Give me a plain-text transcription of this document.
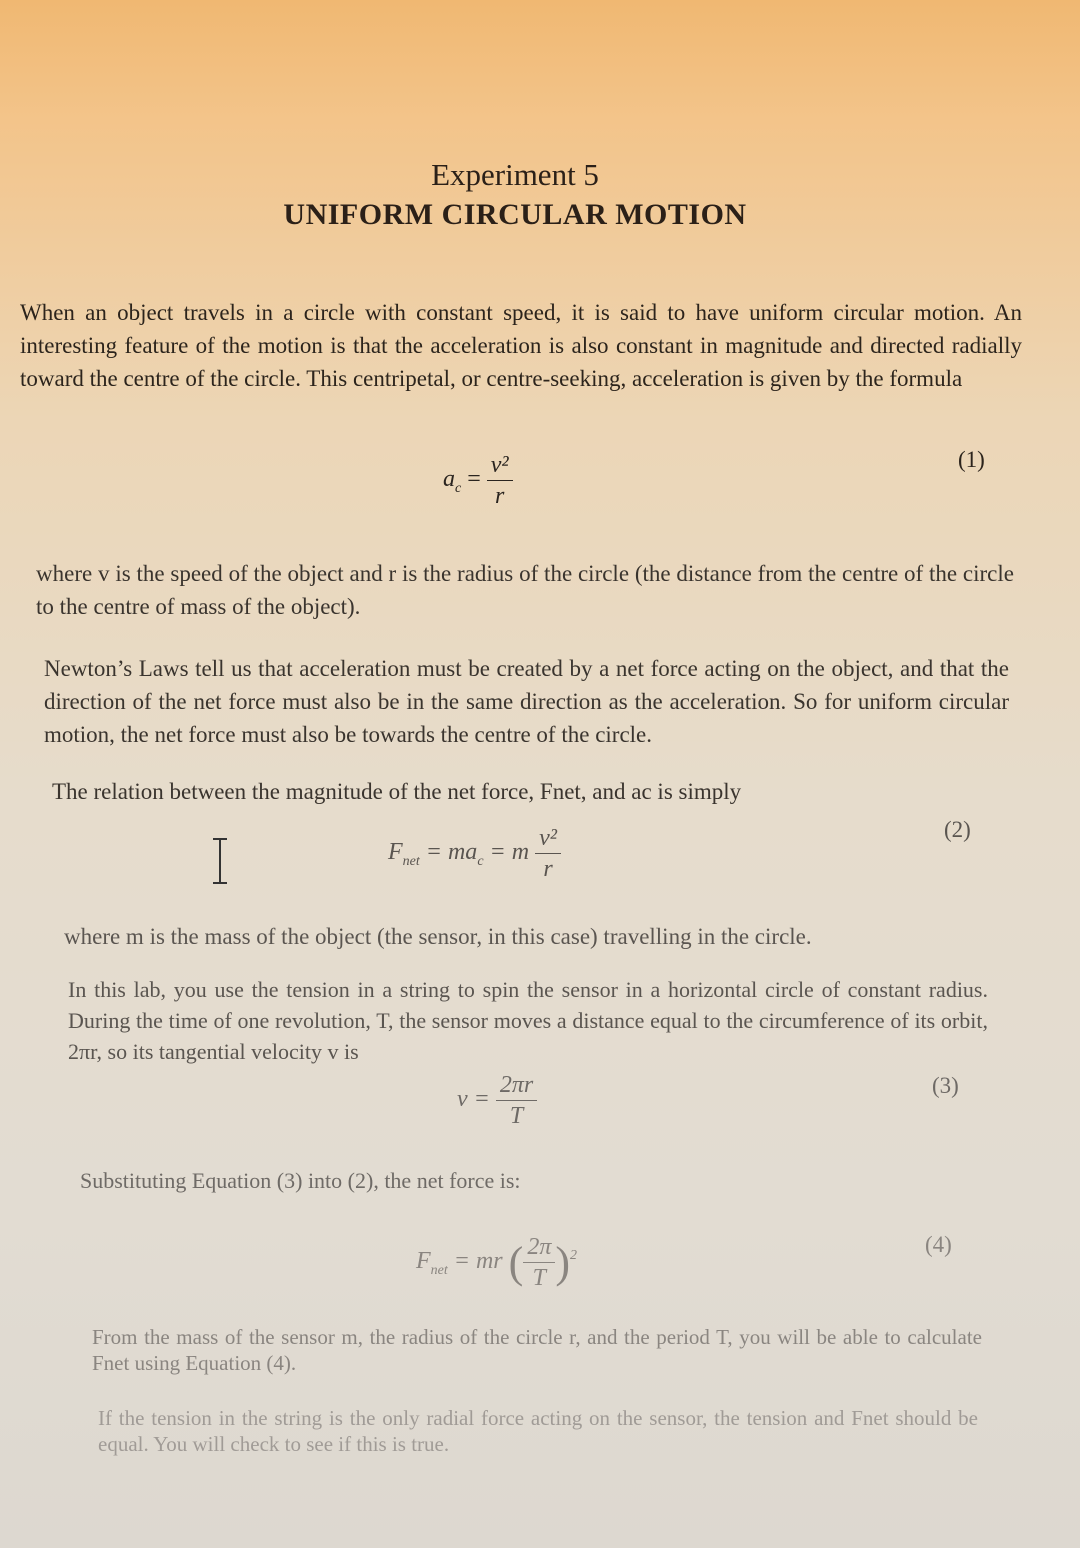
Experiment 5
UNIFORM CIRCULAR MOTION
When an object travels in a circle with constant speed, it is said to have uniform circular motion. An interesting feature of the motion is that the acceleration is also constant in magnitude and directed radially toward the centre of the circle. This centripetal, or centre-seeking, acceleration is given by the formula
$a_c = \frac{\text{v²}}{r}$	(1)
where v is the speed of the object and r is the radius of the circle (the distance from the centre of the circle to the centre of mass of the object).
Newton’s Laws tell us that acceleration must be created by a net force acting on the object, and that the direction of the net force must also be in the same direction as the acceleration. So for uniform circular motion, the net force must also be towards the centre of the circle.
The relation between the magnitude of the net force, Fnet, and ac is simply
$F_{net} = ma_c = m \frac{\text{v²}}{r}$	(2)
where m is the mass of the object (the sensor, in this case) travelling in the circle.
In this lab, you use the tension in a string to spin the sensor in a horizontal circle of constant radius. During the time of one revolution, T, the sensor moves a distance equal to the circumference of its orbit, 2πr, so its tangential velocity v is
$v = \frac{2\pi r}{T}$	(3)
Substituting Equation (3) into (2), the net force is:
$F_{net}$ = mr ( $\frac{2\pi}{T} )^2$	(4)
From the mass of the sensor m, the radius of the circle r, and the period T, you will be able to calculate Fnet using Equation (4).
If the tension in the string is the only radial force acting on the sensor, the tension and Fnet should be equal. You will check to see if this is true.
